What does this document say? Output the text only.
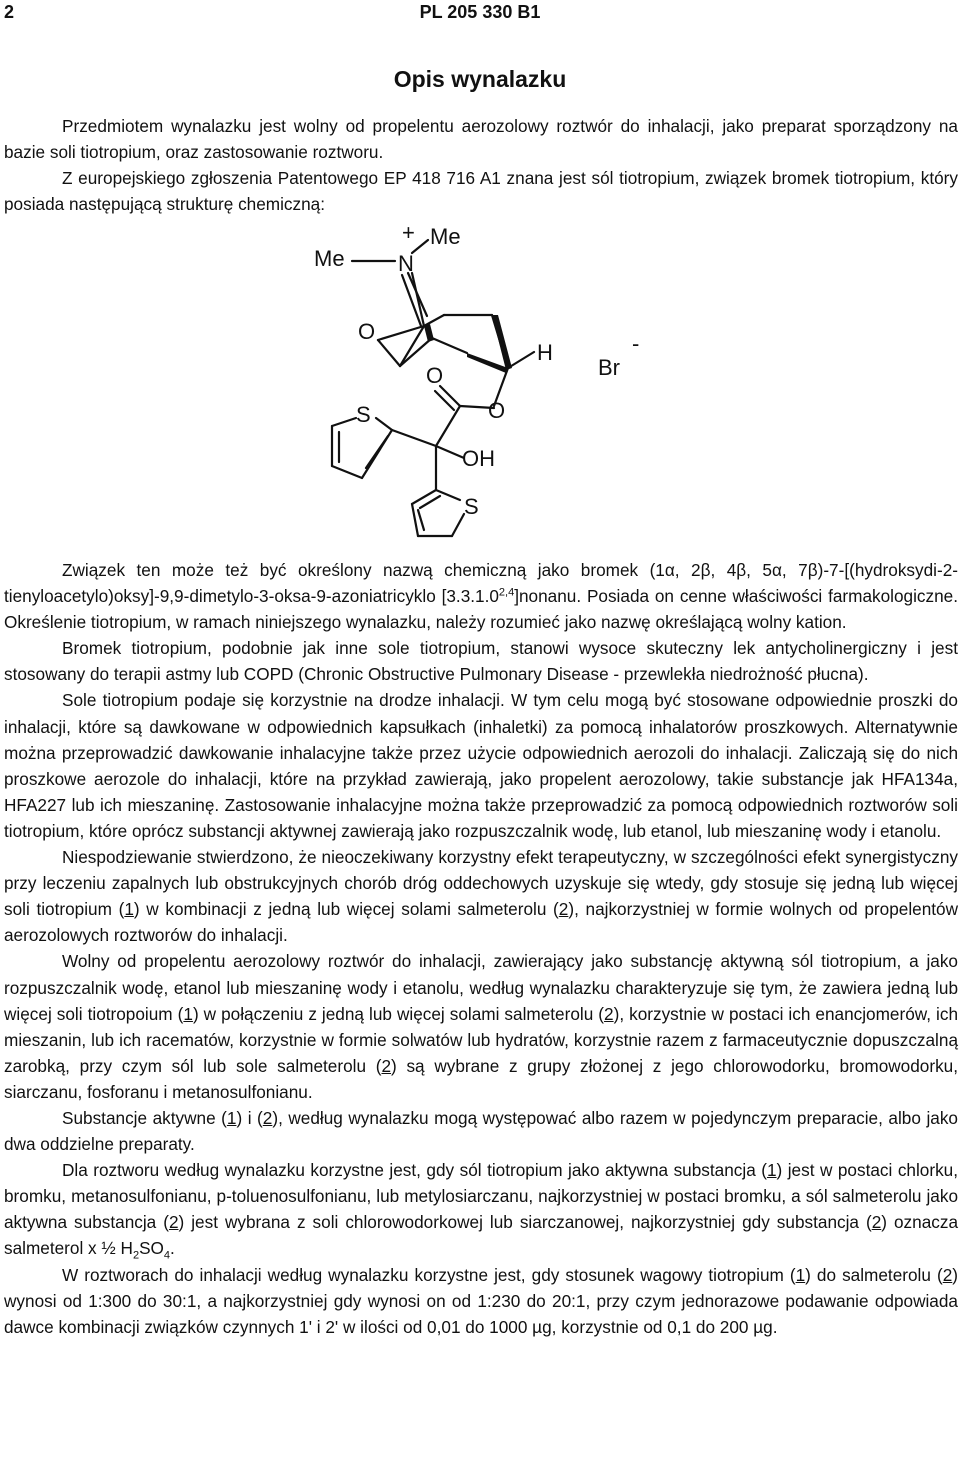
2	PL 205 330 B1
Opis wynalazku

Przedmiotem wynalazku jest wolny od propelentu aerozolowy roztwór do inhalacji, jako preparat sporządzony na bazie soli tiotropium, oraz zastosowanie roztworu.

Z europejskiego zgłoszenia Patentowego EP 418 716 A1 znana jest sól tiotropium, związek bromek tiotropium, który posiada następującą strukturę chemiczną:

+ Me
Me N
O
H
Br
-
O
O
S
OH
S

Związek ten może też być określony nazwą chemiczną jako bromek (1α, 2β, 4β, 5α, 7β)-7-[(hydroksydi-2-tienyloacetylo)oksy]-9,9-dimetylo-3-oksa-9-azoniatricyklo [3.3.1.0$^{2,4}$]nonanu. Posiada on cenne właściwości farmakologiczne. Określenie tiotropium, w ramach niniejszego wynalazku, należy rozumieć jako nazwę określającą wolny kation.

Bromek tiotropium, podobnie jak inne sole tiotropium, stanowi wysoce skuteczny lek antycholinergiczny i jest stosowany do terapii astmy lub COPD (Chronic Obstructive Pulmonary Disease - przewlekła niedrożność płucna).

Sole tiotropium podaje się korzystnie na drodze inhalacji. W tym celu mogą być stosowane odpowiednie proszki do inhalacji, które są dawkowane w odpowiednich kapsułkach (inhaletki) za pomocą inhalatorów proszkowych. Alternatywnie można przeprowadzić dawkowanie inhalacyjne także przez użycie odpowiednich aerozoli do inhalacji. Zaliczają się do nich proszkowe aerozole do inhalacji, które na przykład zawierają, jako propelent aerozolowy, takie substancje jak HFA134a, HFA227 lub ich mieszaninę. Zastosowanie inhalacyjne można także przeprowadzić za pomocą odpowiednich roztworów soli tiotropium, które oprócz substancji aktywnej zawierają jako rozpuszczalnik wodę, lub etanol, lub mieszaninę wody i etanolu.

Niespodziewanie stwierdzono, że nieoczekiwany korzystny efekt terapeutyczny, w szczególności efekt synergistyczny przy leczeniu zapalnych lub obstrukcyjnych chorób dróg oddechowych uzyskuje się wtedy, gdy stosuje się jedną lub więcej soli tiotropium (1) w kombinacji z jedną lub więcej solami salmeterolu (2), najkorzystniej w formie wolnych od propelentów aerozolowych roztworów do inhalacji.

Wolny od propelentu aerozolowy roztwór do inhalacji, zawierający jako substancję aktywną sól tiotropium, a jako rozpuszczalnik wodę, etanol lub mieszaninę wody i etanolu, według wynalazku charakteryzuje się tym, że zawiera jedną lub więcej soli tiotropoium (1) w połączeniu z jedną lub więcej solami salmeterolu (2), korzystnie w postaci ich enancjomerów, ich mieszanin, lub ich racematów, korzystnie w formie solwatów lub hydratów, korzystnie razem z farmaceutycznie dopuszczalną zarobką, przy czym sól lub sole salmeterolu (2) są wybrane z grupy złożonej z jego chlorowodorku, bromowodorku, siarczanu, fosforanu i metanosulfonianu.

Substancje aktywne (1) i (2), według wynalazku mogą występować albo razem w pojedynczym preparacie, albo jako dwa oddzielne preparaty.

Dla roztworu według wynalazku korzystne jest, gdy sól tiotropium jako aktywna substancja (1) jest w postaci chlorku, bromku, metanosulfonianu, p-toluenosulfonianu, lub metylosiarczanu, najkorzystniej w postaci bromku, a sól salmeterolu jako aktywna substancja (2) jest wybrana z soli chlorowodorkowej lub siarczanowej, najkorzystniej gdy substancja (2) oznacza salmeterol x ½ $H_2SO_4$.

W roztworach do inhalacji według wynalazku korzystne jest, gdy stosunek wagowy tiotropium (1) do salmeterolu (2) wynosi od 1:300 do 30:1, a najkorzystniej gdy wynosi on od 1:230 do 20:1, przy czym jednorazowe podawanie odpowiada dawce kombinacji związków czynnych 1' i 2' w ilości od 0,01 do 1000 µg, korzystnie od 0,1 do 200 µg.
